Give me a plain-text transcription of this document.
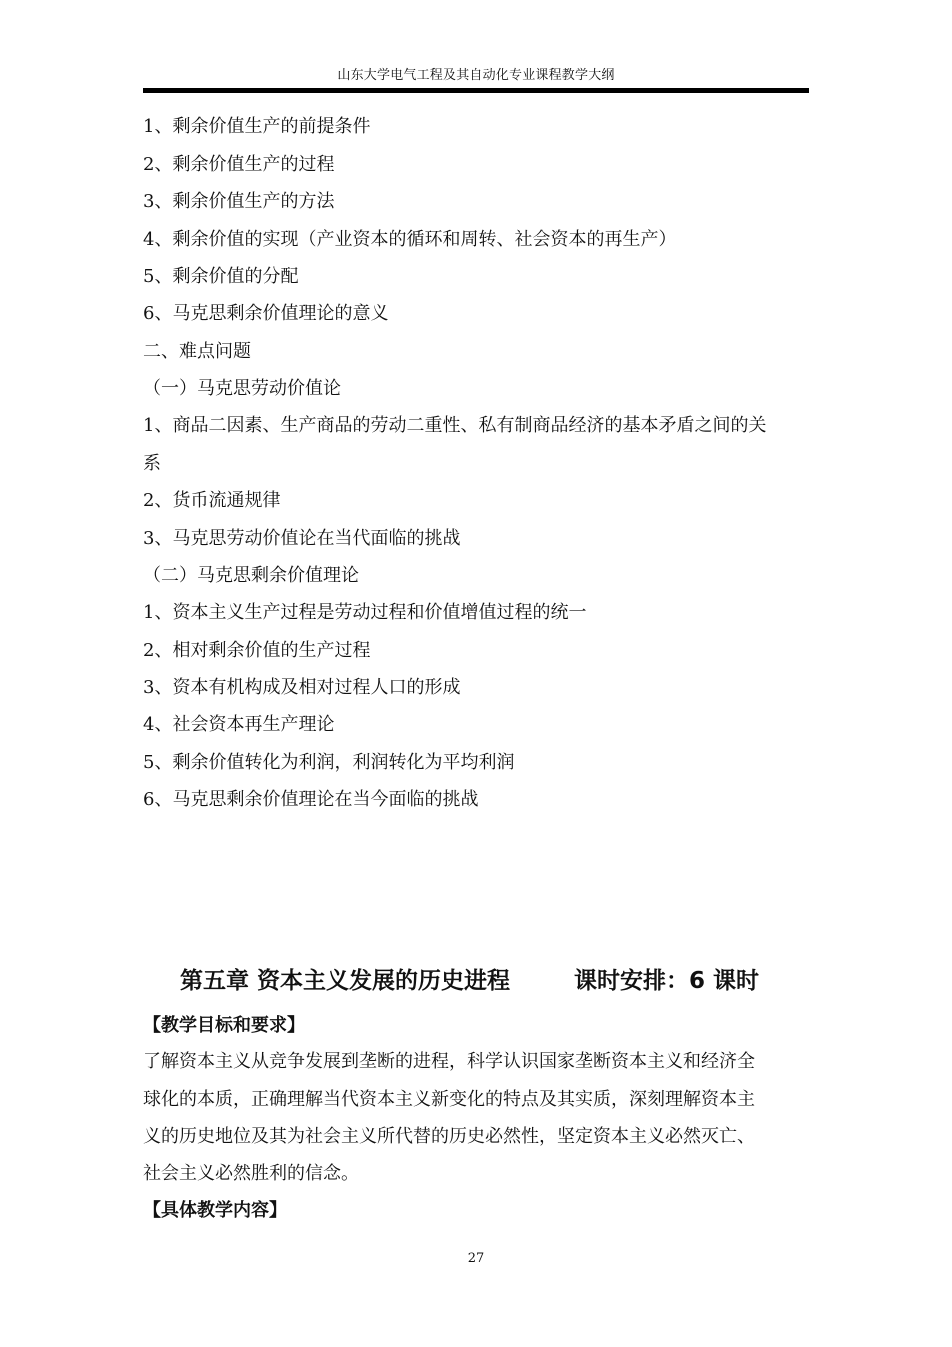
山东大学电气工程及其自动化专业课程教学大纲
1、剩余价值生产的前提条件
2、剩余价值生产的过程
3、剩余价值生产的方法
4、剩余价值的实现（产业资本的循环和周转、社会资本的再生产）
5、剩余价值的分配
6、马克思剩余价值理论的意义
二、难点问题
（一）马克思劳动价值论
1、商品二因素、生产商品的劳动二重性、私有制商品经济的基本矛盾之间的关
系
2、货币流通规律
3、马克思劳动价值论在当代面临的挑战
（二）马克思剩余价值理论
1、资本主义生产过程是劳动过程和价值增值过程的统一
2、相对剩余价值的生产过程
3、资本有机构成及相对过程人口的形成
4、社会资本再生产理论
5、剩余价值转化为利润，利润转化为平均利润
6、马克思剩余价值理论在当今面临的挑战
第五章 资本主义发展的历史进程	课时安排：6 课时
【教学目标和要求】
了解资本主义从竞争发展到垄断的进程，科学认识国家垄断资本主义和经济全
球化的本质，正确理解当代资本主义新变化的特点及其实质，深刻理解资本主
义的历史地位及其为社会主义所代替的历史必然性，坚定资本主义必然灭亡、
社会主义必然胜利的信念。
【具体教学内容】
27
